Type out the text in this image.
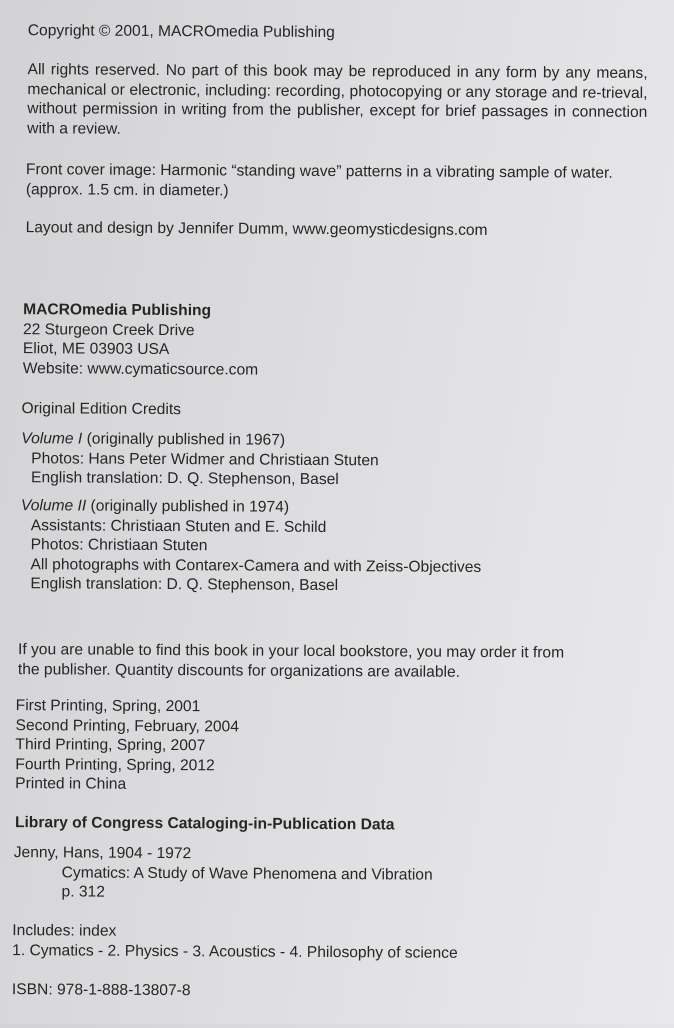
Copyright © 2001, MACROmedia Publishing
All rights reserved. No part of this book may be reproduced in any form by any means, mechanical or electronic, including: recording, photocopying or any storage and re-trieval, without permission in writing from the publisher, except for brief passages in connection with a review.
Front cover image: Harmonic “standing wave” patterns in a vibrating sample of water.
(approx. 1.5 cm. in diameter.)
Layout and design by Jennifer Dumm, www.geomysticdesigns.com
MACROmedia Publishing
22 Sturgeon Creek Drive
Eliot, ME 03903 USA
Website: www.cymaticsource.com
Original Edition Credits
Volume I (originally published in 1967)
Photos: Hans Peter Widmer and Christiaan Stuten
English translation: D. Q. Stephenson, Basel
Volume II (originally published in 1974)
Assistants: Christiaan Stuten and E. Schild
Photos: Christiaan Stuten
All photographs with Contarex-Camera and with Zeiss-Objectives
English translation: D. Q. Stephenson, Basel
If you are unable to find this book in your local bookstore, you may order it from
the publisher. Quantity discounts for organizations are available.
First Printing, Spring, 2001
Second Printing, February, 2004
Third Printing, Spring, 2007
Fourth Printing, Spring, 2012
Printed in China
Library of Congress Cataloging-in-Publication Data
Jenny, Hans, 1904 - 1972
Cymatics: A Study of Wave Phenomena and Vibration
p. 312
Includes: index
1. Cymatics - 2. Physics - 3. Acoustics - 4. Philosophy of science
ISBN: 978-1-888-13807-8
